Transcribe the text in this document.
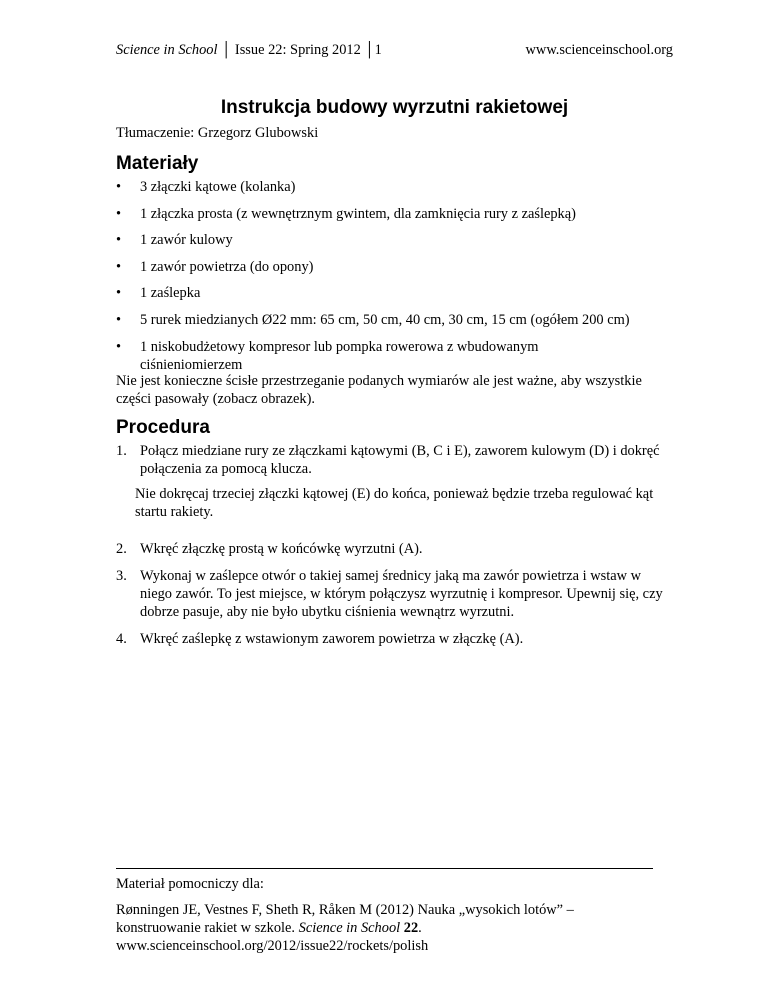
Science in School │ Issue 22: Spring 2012 │1	www.scienceinschool.org
Instrukcja budowy wyrzutni rakietowej
Tłumaczenie: Grzegorz Glubowski
Materiały
• 3 złączki kątowe (kolanka)
• 1 złączka prosta (z wewnętrznym gwintem, dla zamknięcia rury z zaślepką)
• 1 zawór kulowy
• 1 zawór powietrza (do opony)
• 1 zaślepka
• 5 rurek miedzianych Ø22 mm: 65 cm, 50 cm, 40 cm, 30 cm, 15 cm (ogółem 200 cm)
• 1 niskobudżetowy kompresor lub pompka rowerowa z wbudowanym ciśnieniomierzem
Nie jest konieczne ścisłe przestrzeganie podanych wymiarów ale jest ważne, aby wszystkie części pasowały (zobacz obrazek).
Procedura
1. Połącz miedziane rury ze złączkami kątowymi (B, C i E), zaworem kulowym (D) i dokręć połączenia za pomocą klucza.
2. Wkręć złączkę prostą w końcówkę wyrzutni (A).
3. Wykonaj w zaślepce otwór o takiej samej średnicy jaką ma zawór powietrza i wstaw w niego zawór. To jest miejsce, w którym połączysz wyrzutnię i kompresor. Upewnij się, czy dobrze pasuje, aby nie było ubytku ciśnienia wewnątrz wyrzutni.
4. Wkręć zaślepkę z wstawionym zaworem powietrza w złączkę (A).
Nie dokręcaj trzeciej złączki kątowej (E) do końca, ponieważ będzie trzeba regulować kąt startu rakiety.

Materiał pomocniczy dla:

Rønningen JE, Vestnes F, Sheth R, Råken M (2012) Nauka „wysokich lotów” – konstruowanie rakiet w szkole. Science in School 22.

www.scienceinschool.org/2012/issue22/rockets/polish
